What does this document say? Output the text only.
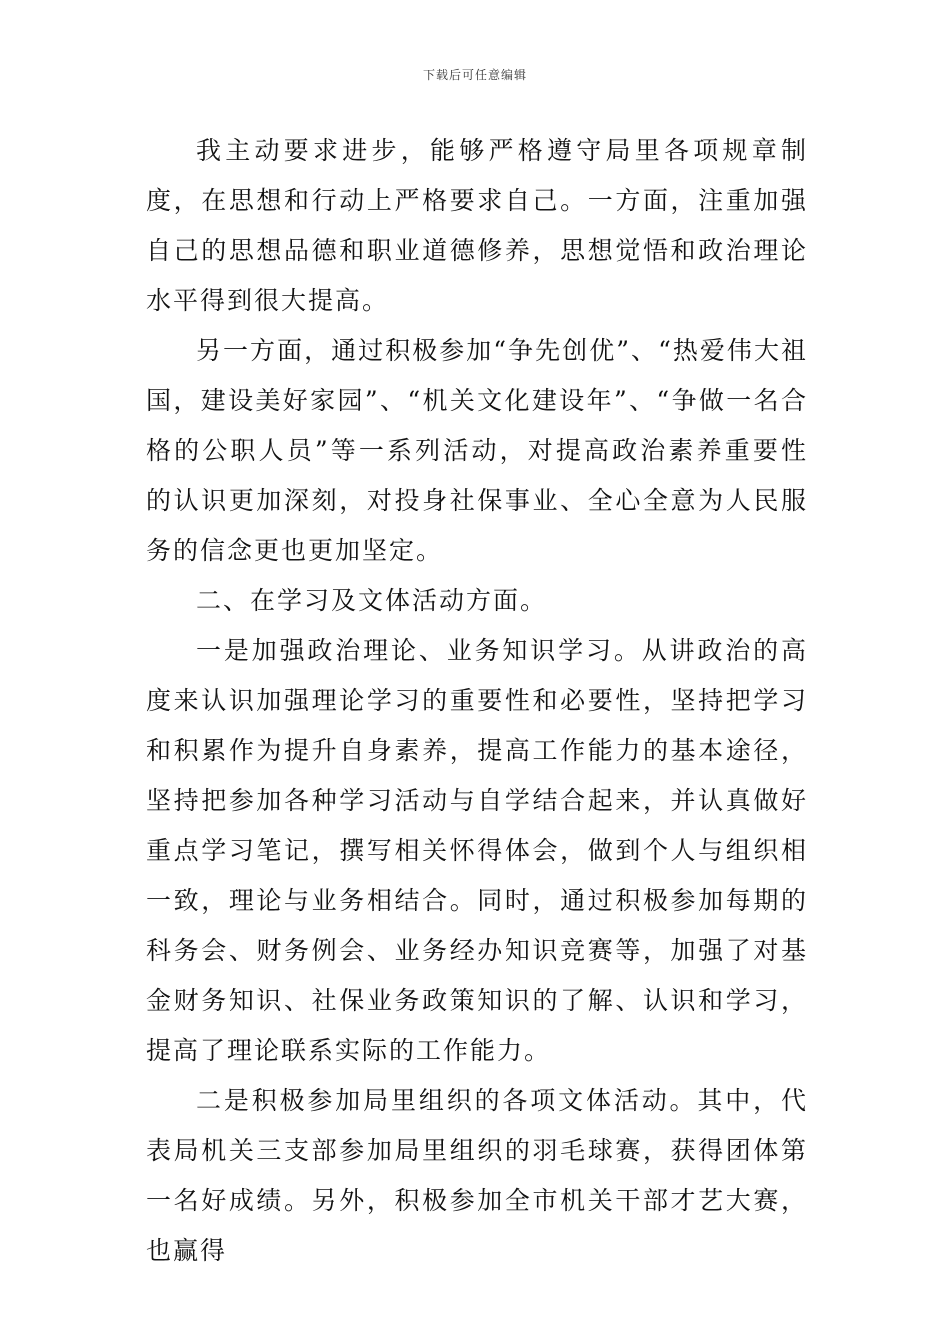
下载后可任意编辑

我主动要求进步，能够严格遵守局里各项规章制度，在思想和行动上严格要求自己。一方面，注重加强自己的思想品德和职业道德修养，思想觉悟和政治理论水平得到很大提高。

另一方面，通过积极参加“争先创优”、“热爱伟大祖国，建设美好家园”、“机关文化建设年”、“争做一名合格的公职人员”等一系列活动，对提高政治素养重要性的认识更加深刻，对投身社保事业、全心全意为人民服务的信念更也更加坚定。

二、在学习及文体活动方面。

一是加强政治理论、业务知识学习。从讲政治的高度来认识加强理论学习的重要性和必要性，坚持把学习和积累作为提升自身素养，提高工作能力的基本途径，坚持把参加各种学习活动与自学结合起来，并认真做好重点学习笔记，撰写相关怀得体会，做到个人与组织相一致，理论与业务相结合。同时，通过积极参加每期的科务会、财务例会、业务经办知识竞赛等，加强了对基金财务知识、社保业务政策知识的了解、认识和学习，提高了理论联系实际的工作能力。

二是积极参加局里组织的各项文体活动。其中，代表局机关三支部参加局里组织的羽毛球赛，获得团体第一名好成绩。另外，积极参加全市机关干部才艺大赛，也赢得
